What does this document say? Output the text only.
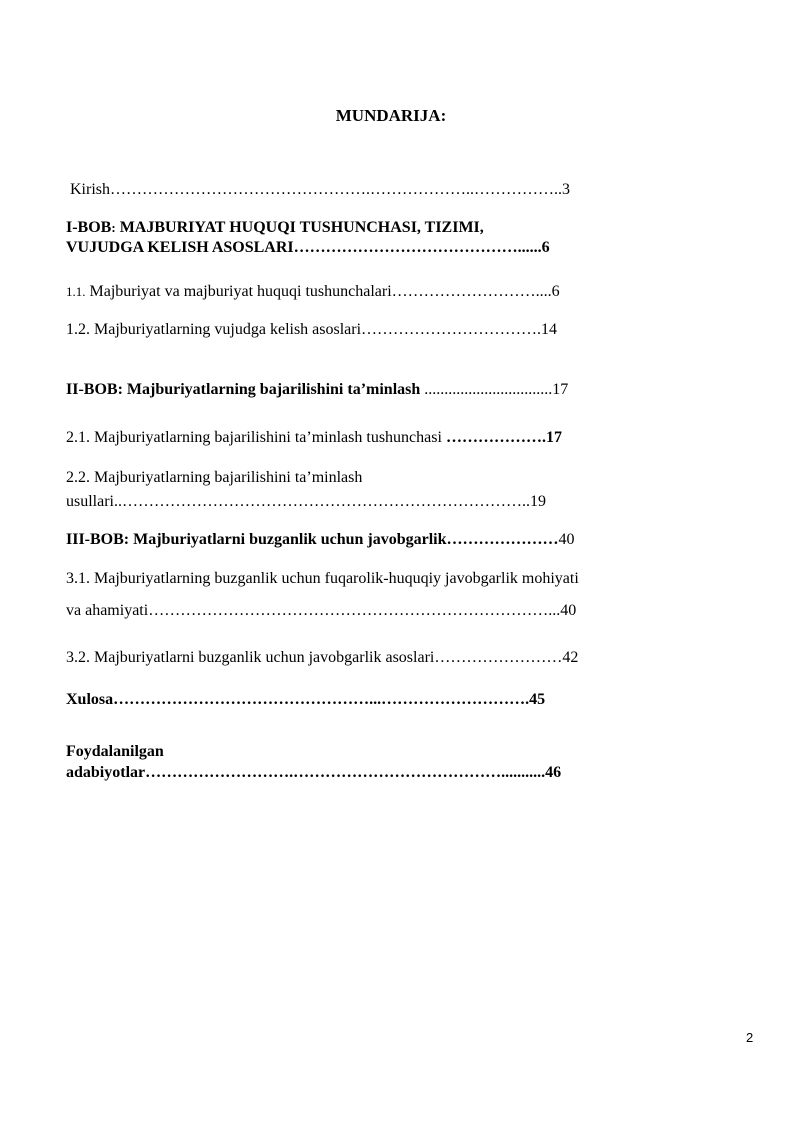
MUNDARIJA:
Kirish………………………………………….………………..……………..3
I-BOB: MAJBURIYAT HUQUQI TUSHUNCHASI, TIZIMI,
VUJUDGA KELISH ASOSLARI……………………………………......6
1.1. Majburiyat va majburiyat huquqi tushunchalari………………………....6
1.2. Majburiyatlarning vujudga kelish asoslari…………………………….14
II-BOB: Majburiyatlarning bajarilishini ta’minlash ................................17
2.1. Majburiyatlarning bajarilishini ta’minlash tushunchasi ……………….17
2.2. Majburiyatlarning bajarilishini ta’minlash
usullari..…………………………………………………………………..19
III-BOB: Majburiyatlarni buzganlik uchun javobgarlik…………………40
3.1. Majburiyatlarning buzganlik uchun fuqarolik-huquqiy javobgarlik mohiyati
va ahamiyati…………………………………………………………………...40
3.2. Majburiyatlarni buzganlik uchun javobgarlik asoslari……………………42
Xulosa…………………………………………...……………………….45
Foydalanilgan
adabiyotlar……………………….…………………………………...........46
2
